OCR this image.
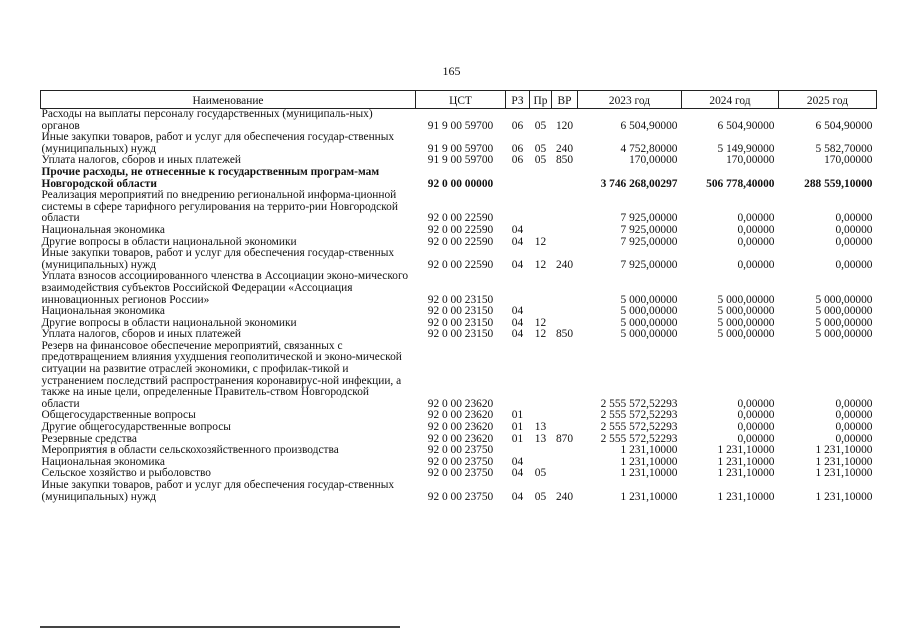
165
Наименование	ЦСТ	РЗ	Пр	ВР	2023 год	2024 год	2025 год
Расходы на выплаты персоналу государственных (муниципаль-ных) органов	91 9 00 59700	06	05	120	6 504,90000	6 504,90000	6 504,90000
Иные закупки товаров, работ и услуг для обеспечения государ-ственных (муниципальных) нужд	91 9 00 59700	06	05	240	4 752,80000	5 149,90000	5 582,70000
Уплата налогов, сборов и иных платежей	91 9 00 59700	06	05	850	170,00000	170,00000	170,00000
Прочие расходы, не отнесенные к государственным програм-мам Новгородской области	92 0 00 00000				3 746 268,00297	506 778,40000	288 559,10000
Реализация мероприятий по внедрению региональной информа-ционной системы в сфере тарифного регулирования на террито-рии Новгородской области	92 0 00 22590				7 925,00000	0,00000	0,00000
Национальная экономика	92 0 00 22590	04			7 925,00000	0,00000	0,00000
Другие вопросы в области национальной экономики	92 0 00 22590	04	12		7 925,00000	0,00000	0,00000
Иные закупки товаров, работ и услуг для обеспечения государ-ственных (муниципальных) нужд	92 0 00 22590	04	12	240	7 925,00000	0,00000	0,00000
Уплата взносов ассоциированного членства в Ассоциации эконо-мического взаимодействия субъектов Российской Федерации «Ассоциация инновационных регионов России»	92 0 00 23150				5 000,00000	5 000,00000	5 000,00000
Национальная экономика	92 0 00 23150	04			5 000,00000	5 000,00000	5 000,00000
Другие вопросы в области национальной экономики	92 0 00 23150	04	12		5 000,00000	5 000,00000	5 000,00000
Уплата налогов, сборов и иных платежей	92 0 00 23150	04	12	850	5 000,00000	5 000,00000	5 000,00000
Резерв на финансовое обеспечение мероприятий, связанных с предотвращением влияния ухудшения геополитической и эконо-мической ситуации на развитие отраслей экономики, с профилак-тикой и устранением последствий распространения коронавирус-ной инфекции, а также на иные цели, определенные Правитель-ством Новгородской области	92 0 00 23620				2 555 572,52293	0,00000	0,00000
Общегосударственные вопросы	92 0 00 23620	01			2 555 572,52293	0,00000	0,00000
Другие общегосударственные вопросы	92 0 00 23620	01	13		2 555 572,52293	0,00000	0,00000
Резервные средства	92 0 00 23620	01	13	870	2 555 572,52293	0,00000	0,00000
Мероприятия в области сельскохозяйственного производства	92 0 00 23750				1 231,10000	1 231,10000	1 231,10000
Национальная экономика	92 0 00 23750	04			1 231,10000	1 231,10000	1 231,10000
Сельское хозяйство и рыболовство	92 0 00 23750	04	05		1 231,10000	1 231,10000	1 231,10000
Иные закупки товаров, работ и услуг для обеспечения государ-ственных (муниципальных) нужд	92 0 00 23750	04	05	240	1 231,10000	1 231,10000	1 231,10000
